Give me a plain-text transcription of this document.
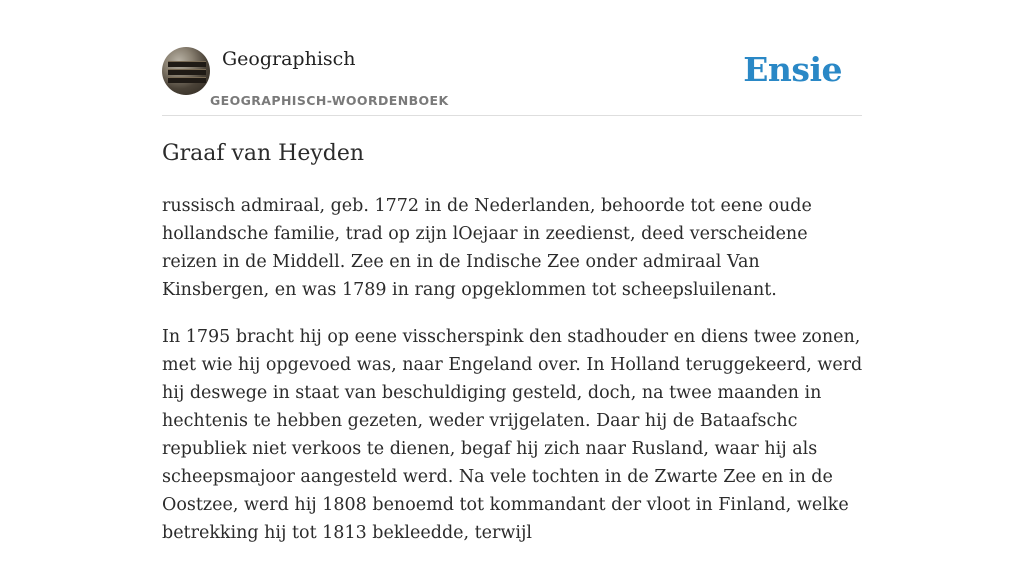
Geographisch
GEOGRAPHISCH-WOORDENBOEK
Ensie
Graaf van Heyden

russisch admiraal, geb. 1772 in de Nederlanden, behoorde tot eene oude hollandsche familie, trad op zijn lOejaar in zeedienst, deed verscheidene reizen in de Middell. Zee en in de Indische Zee onder admiraal Van Kinsbergen, en was 1789 in rang opgeklommen tot scheepsluilenant.

In 1795 bracht hij op eene visscherspink den stadhouder en diens twee zonen, met wie hij opgevoed was, naar Engeland over. In Holland teruggekeerd, werd hij deswege in staat van beschuldiging gesteld, doch, na twee maanden in hechtenis te hebben gezeten, weder vrijgelaten. Daar hij de Bataafschc republiek niet verkoos te dienen, begaf hij zich naar Rusland, waar hij als scheepsmajoor aangesteld werd. Na vele tochten in de Zwarte Zee en in de Oostzee, werd hij 1808 benoemd tot kommandant der vloot in Finland, welke betrekking hij tot 1813 bekleedde, terwijl
